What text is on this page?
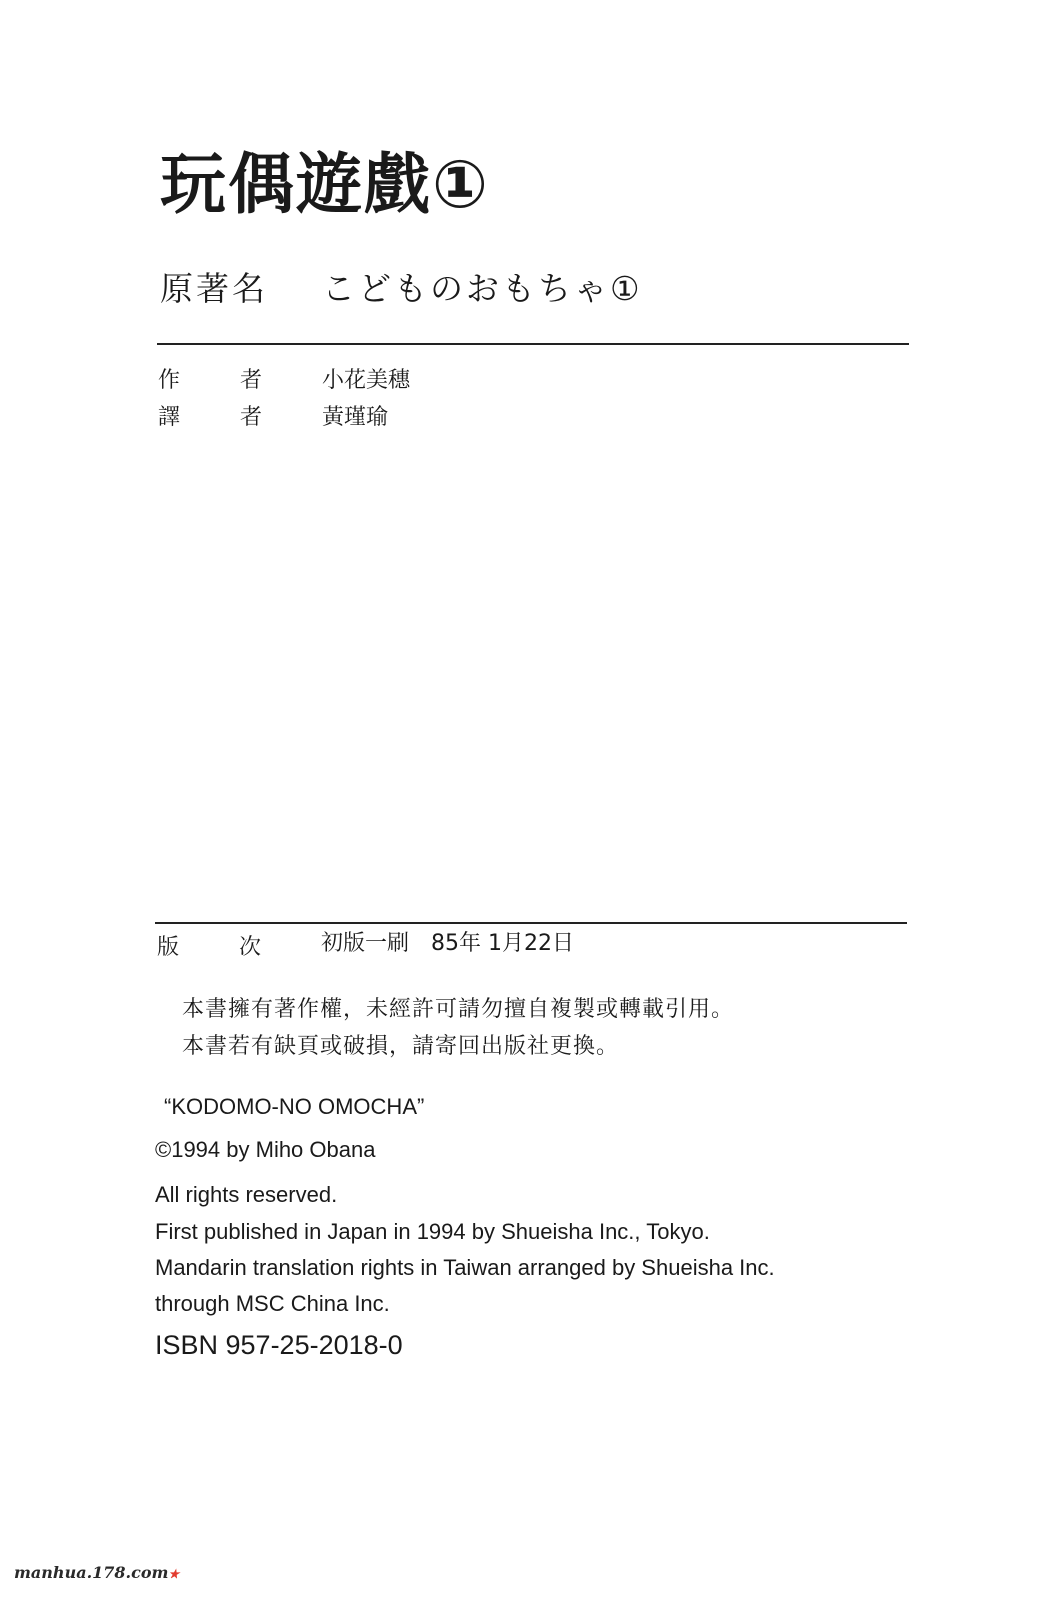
玩偶遊戲①
原著名 こどものおもちゃ①
作	者	小花美穗
譯	者	黃瑾瑜
版	次	初版一刷　85年 1月22日
本書擁有著作權，未經許可請勿擅自複製或轉載引用。
本書若有缺頁或破損，請寄回出版社更換。
“KODOMO-NO OMOCHA”
©1994 by Miho Obana
All rights reserved.
First published in Japan in 1994 by Shueisha Inc., Tokyo.
Mandarin translation rights in Taiwan arranged by Shueisha Inc.
through MSC China Inc.
ISBN 957-25-2018-0
manhua.178.com★
